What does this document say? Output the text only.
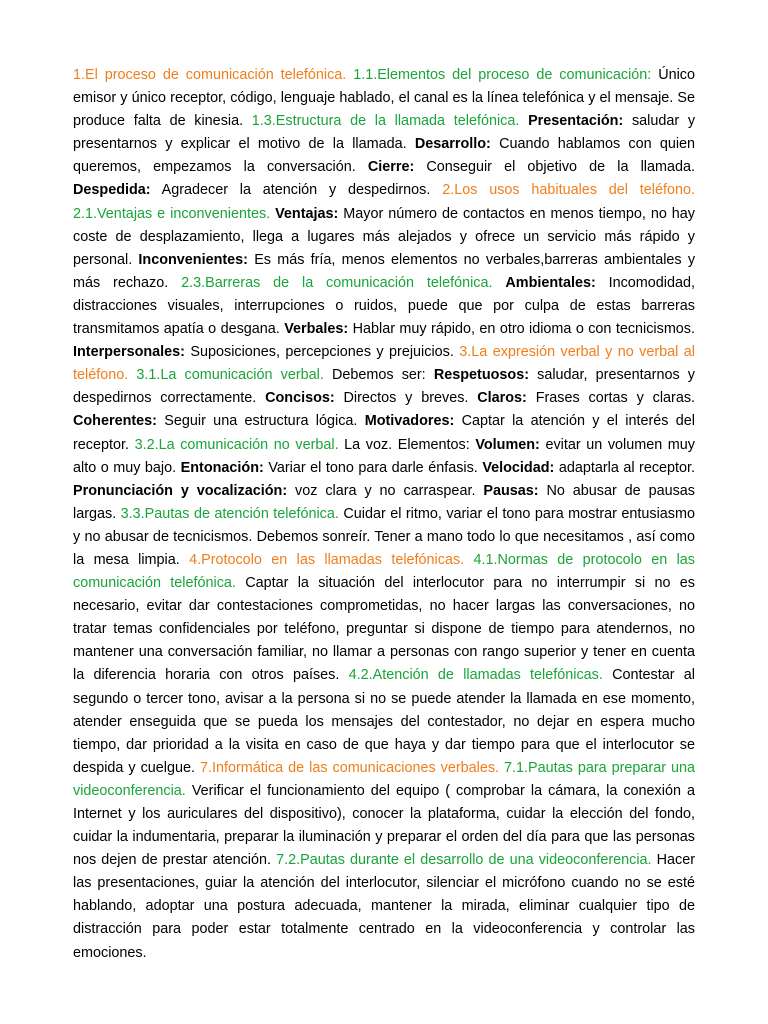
1.El proceso de comunicación telefónica. 1.1.Elementos del proceso de comunicación: Único emisor y único receptor, código, lenguaje hablado, el canal es la línea telefónica y el mensaje. Se produce falta de kinesia. 1.3.Estructura de la llamada telefónica. Presentación: saludar y presentarnos y explicar el motivo de la llamada. Desarrollo: Cuando hablamos con quien queremos, empezamos la conversación. Cierre: Conseguir el objetivo de la llamada. Despedida: Agradecer la atención y despedirnos. 2.Los usos habituales del teléfono. 2.1.Ventajas e inconvenientes. Ventajas: Mayor número de contactos en menos tiempo, no hay coste de desplazamiento, llega a lugares más alejados y ofrece un servicio más rápido y personal. Inconvenientes: Es más fría, menos elementos no verbales,barreras ambientales y más rechazo. 2.3.Barreras de la comunicación telefónica. Ambientales: Incomodidad, distracciones visuales, interrupciones o ruidos, puede que por culpa de estas barreras transmitamos apatía o desgana. Verbales: Hablar muy rápido, en otro idioma o con tecnicismos. Interpersonales: Suposiciones, percepciones y prejuicios. 3.La expresión verbal y no verbal al teléfono. 3.1.La comunicación verbal. Debemos ser: Respetuosos: saludar, presentarnos y despedirnos correctamente. Concisos: Directos y breves. Claros: Frases cortas y claras. Coherentes: Seguir una estructura lógica. Motivadores: Captar la atención y el interés del receptor. 3.2.La comunicación no verbal. La voz. Elementos: Volumen: evitar un volumen muy alto o muy bajo. Entonación: Variar el tono para darle énfasis. Velocidad: adaptarla al receptor. Pronunciación y vocalización: voz clara y no carraspear. Pausas: No abusar de pausas largas. 3.3.Pautas de atención telefónica. Cuidar el ritmo, variar el tono para mostrar entusiasmo y no abusar de tecnicismos. Debemos sonreír. Tener a mano todo lo que necesitamos , así como la mesa limpia. 4.Protocolo en las llamadas telefónicas. 4.1.Normas de protocolo en las comunicación telefónica. Captar la situación del interlocutor para no interrumpir si no es necesario, evitar dar contestaciones comprometidas, no hacer largas las conversaciones, no tratar temas confidenciales por teléfono, preguntar si dispone de tiempo para atendernos, no mantener una conversación familiar, no llamar a personas con rango superior y tener en cuenta la diferencia horaria con otros países. 4.2.Atención de llamadas telefónicas. Contestar al segundo o tercer tono, avisar a la persona si no se puede atender la llamada en ese momento, atender enseguida que se pueda los mensajes del contestador, no dejar en espera mucho tiempo, dar prioridad a la visita en caso de que haya y dar tiempo para que el interlocutor se despida y cuelgue. 7.Informática de las comunicaciones verbales. 7.1.Pautas para preparar una videoconferencia. Verificar el funcionamiento del equipo ( comprobar la cámara, la conexión a Internet y los auriculares del dispositivo), conocer la plataforma, cuidar la elección del fondo, cuidar la indumentaria, preparar la iluminación y preparar el orden del día para que las personas nos dejen de prestar atención. 7.2.Pautas durante el desarrollo de una videoconferencia. Hacer las presentaciones, guiar la atención del interlocutor, silenciar el micrófono cuando no se esté hablando, adoptar una postura adecuada, mantener la mirada, eliminar cualquier tipo de distracción para poder estar totalmente centrado en la videoconferencia y controlar las emociones.
